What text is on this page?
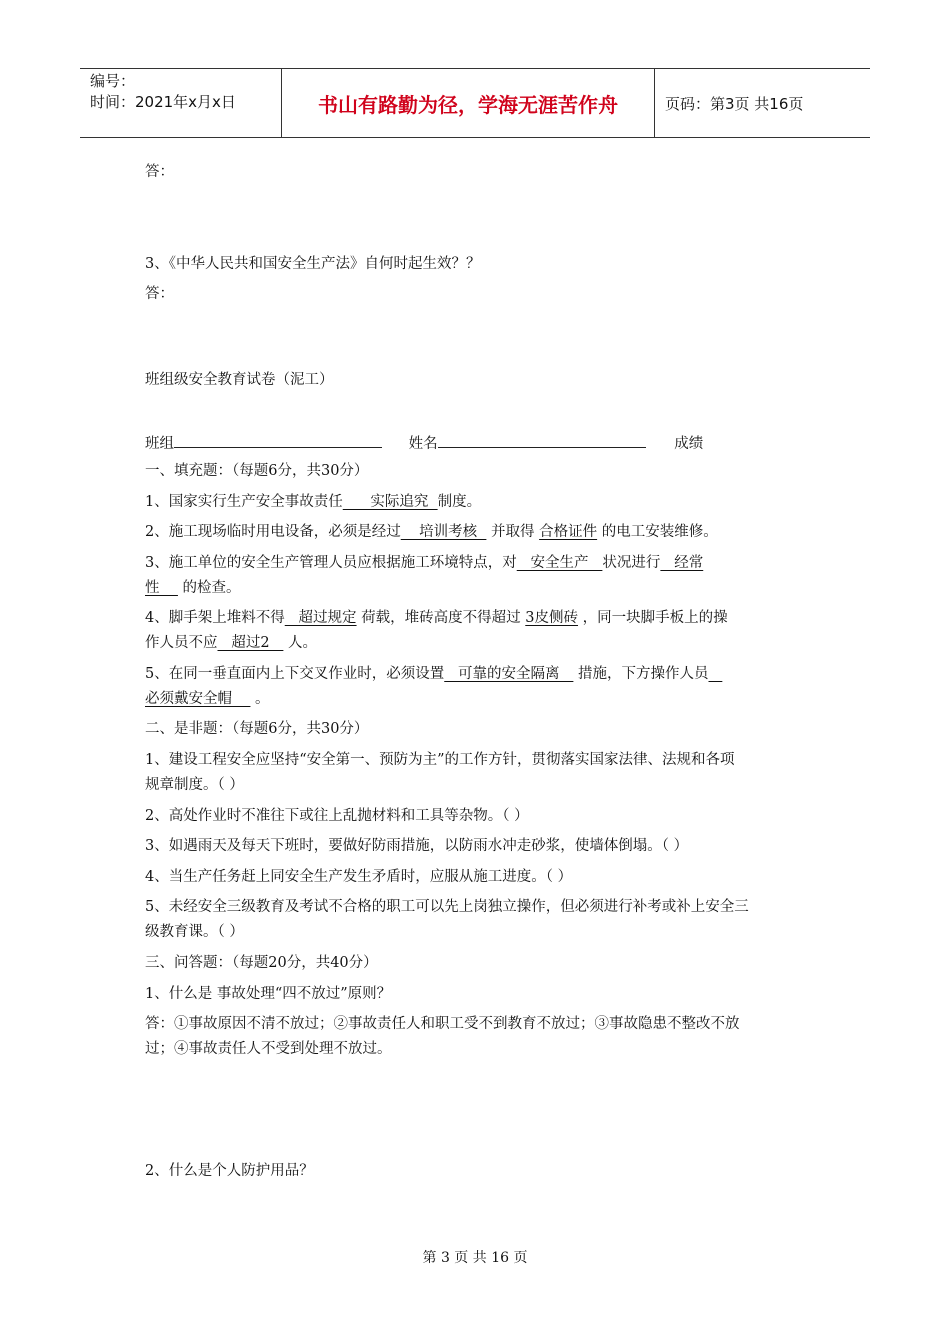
编号：
时间：2021年x月x日	书山有路勤为径，学海无涯苦作舟	页码：第3页 共16页
答：
3、《中华人民共和国安全生产法》自何时起生效？？
答：
班组级安全教育试卷（泥工）
班组	姓名	成绩
一、填充题：（每题6分，共30分）
1、国家实行生产安全事故责任      实际追究  制度。
2、施工现场临时用电设备，必须是经过    培训考核   并取得 合格证件 的电工安装维修。
3、施工单位的安全生产管理人员应根据施工环境特点，对   安全生产   状况进行   经常
性     的检查。
4、脚手架上堆料不得   超过规定 荷载，堆砖高度不得超过 3皮侧砖 ，同一块脚手板上的操
作人员不应   超过2    人。
5、在同一垂直面内上下交叉作业时，必须设置   可靠的安全隔离    措施，下方操作人员
必须戴安全帽     。
二、是非题：（每题6分，共30分）
1、建设工程安全应坚持“安全第一、预防为主”的工作方针，贯彻落实国家法律、法规和各项
规章制度。（ ）
2、高处作业时不准往下或往上乱抛材料和工具等杂物。（ ）
3、如遇雨天及每天下班时，要做好防雨措施，以防雨水冲走砂浆，使墙体倒塌。（ ）
4、当生产任务赶上同安全生产发生矛盾时，应服从施工进度。（ ）
5、未经安全三级教育及考试不合格的职工可以先上岗独立操作，但必须进行补考或补上安全三
级教育课。（ ）
三、问答题：（每题20分，共40分）
1、什么是 事故处理“四不放过”原则？
答：①事故原因不清不放过；②事故责任人和职工受不到教育不放过；③事故隐患不整改不放
过；④事故责任人不受到处理不放过。
2、什么是个人防护用品？
第 3 页 共 16 页
